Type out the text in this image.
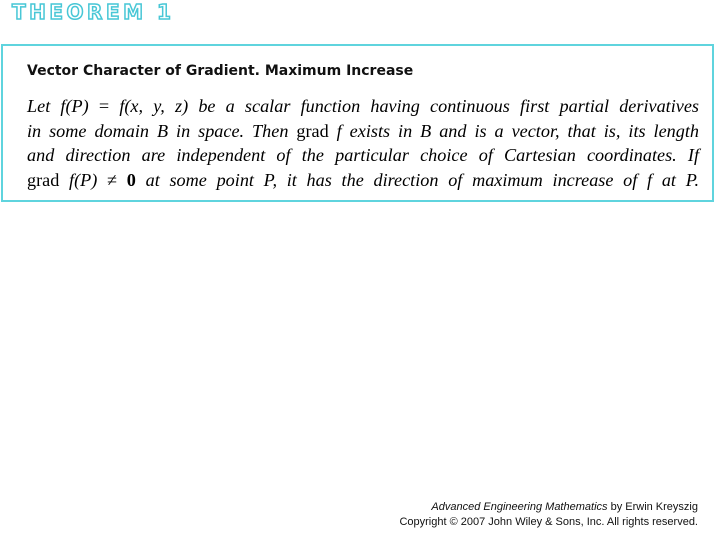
THEOREM 1
Vector Character of Gradient. Maximum Increase
Let f(P) = f(x, y, z) be a scalar function having continuous first partial derivatives
in some domain B in space. Then grad f exists in B and is a vector, that is, its length
and direction are independent of the particular choice of Cartesian coordinates. If
grad f(P) ≠ 0 at some point P, it has the direction of maximum increase of f at P.
Advanced Engineering Mathematics by Erwin Kreyszig
Copyright © 2007 John Wiley & Sons, Inc. All rights reserved.
